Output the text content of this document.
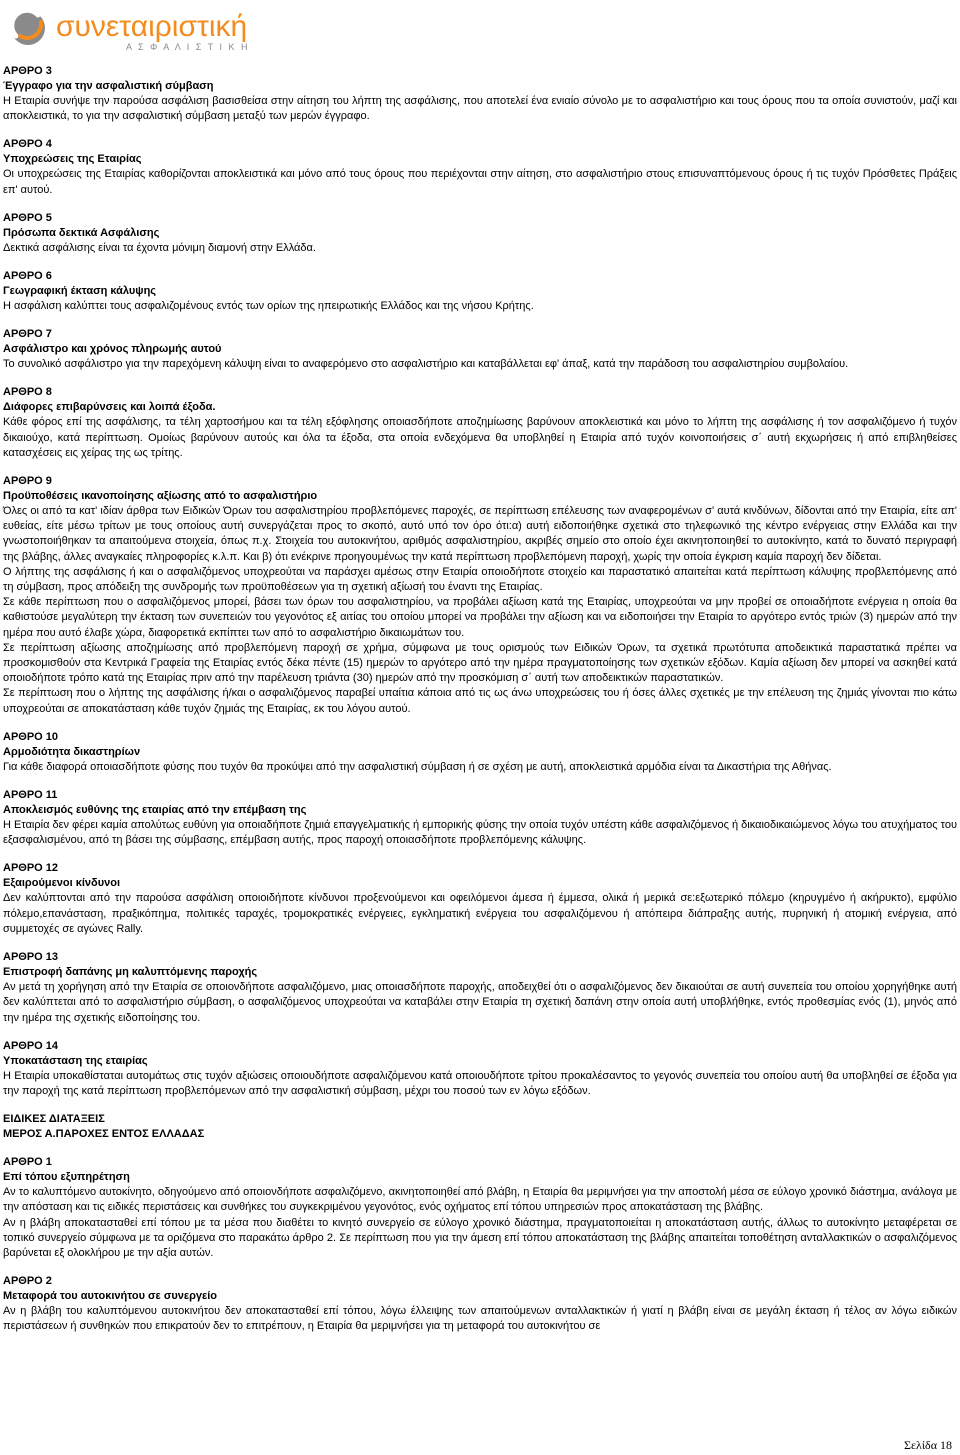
συνεταιριστική
Α Σ Φ Α Λ Ι Σ Τ Ι Κ Η
ΑΡΘΡΟ 3
Έγγραφο για την ασφαλιστική σύμβαση

Η Εταιρία συνήψε την παρούσα ασφάλιση βασισθείσα στην αίτηση του λήπτη της ασφάλισης, που αποτελεί ένα ενιαίο σύνολο με το ασφαλιστήριο και τους όρους που τα οποία συνιστούν, μαζί και αποκλειστικά, το για την ασφαλιστική σύμβαση μεταξύ των μερών έγγραφο.

ΑΡΘΡΟ 4
Υποχρεώσεις της Εταιρίας

Οι υποχρεώσεις της Εταιρίας καθορίζονται αποκλειστικά και μόνο από τους όρους που περιέχονται στην αίτηση, στο ασφαλιστήριο στους επισυναπτόμενους όρους ή τις τυχόν Πρόσθετες Πράξεις επ' αυτού.

ΑΡΘΡΟ 5
Πρόσωπα δεκτικά Ασφάλισης

Δεκτικά ασφάλισης είναι τα έχοντα μόνιμη διαμονή στην Ελλάδα.

ΑΡΘΡΟ 6
Γεωγραφική έκταση κάλυψης

Η ασφάλιση καλύπτει τους ασφαλιζομένους εντός των ορίων της ηπειρωτικής Ελλάδος και της νήσου Κρήτης.

ΑΡΘΡΟ 7
Ασφάλιστρο και χρόνος πληρωμής αυτού

Το συνολικό ασφάλιστρο για την παρεχόμενη κάλυψη είναι το αναφερόμενο στο ασφαλιστήριο και καταβάλλεται εφ' άπαξ, κατά την παράδοση του ασφαλιστηρίου συμβολαίου.

ΑΡΘΡΟ 8
Διάφορες επιβαρύνσεις και λοιπά έξοδα.

Κάθε φόρος επί της ασφάλισης, τα τέλη χαρτοσήμου και τα τέλη εξόφλησης οποιασδήποτε αποζημίωσης βαρύνουν αποκλειστικά και μόνο το λήπτη της ασφάλισης ή τον ασφαλιζόμενο ή τυχόν δικαιούχο, κατά περίπτωση. Ομοίως βαρύνουν αυτούς και όλα τα έξοδα, στα οποία ενδεχόμενα θα υποβληθεί η Εταιρία από τυχόν κοινοποιήσεις σ΄ αυτή εκχωρήσεις ή από επιβληθείσες κατασχέσεις εις χείρας της ως τρίτης.

ΑΡΘΡΟ 9
Προϋποθέσεις ικανοποίησης αξίωσης από το ασφαλιστήριο

Όλες οι από τα κατ' ιδίαν άρθρα των Ειδικών Όρων του ασφαλιστηρίου προβλεπόμενες παροχές, σε περίπτωση επέλευσης των αναφερομένων σ' αυτά κινδύνων, δίδονται από την Εταιρία, είτε απ' ευθείας, είτε μέσω τρίτων με τους οποίους αυτή συνεργάζεται προς το σκοπό, αυτό υπό τον όρο ότι:α) αυτή ειδοποιήθηκε σχετικά στο τηλεφωνικό της κέντρο ενέργειας στην Ελλάδα και την γνωστοποιήθηκαν τα απαιτούμενα στοιχεία, όπως π.χ. Στοιχεία του αυτοκινήτου, αριθμός ασφαλιστηρίου, ακριβές σημείο στο οποίο έχει ακινητοποιηθεί το αυτοκίνητο, κατά το δυνατό περιγραφή της βλάβης, άλλες αναγκαίες πληροφορίες κ.λ.π. Και β) ότι ενέκρινε προηγουμένως την κατά περίπτωση προβλεπόμενη παροχή, χωρίς την οποία έγκριση καμία παροχή δεν δίδεται.

Ο λήπτης της ασφάλισης ή και ο ασφαλιζόμενος υποχρεούται να παράσχει αμέσως στην Εταιρία οποιοδήποτε στοιχείο και παραστατικό απαιτείται κατά περίπτωση κάλυψης προβλεπόμενης από τη σύμβαση, προς απόδειξη της συνδρομής των προϋποθέσεων για τη σχετική αξίωσή του έναντι της Εταιρίας.

Σε κάθε περίπτωση που ο ασφαλιζόμενος μπορεί, βάσει των όρων του ασφαλιστηρίου, να προβάλει αξίωση κατά της Εταιρίας, υποχρεούται να μην προβεί σε οποιαδήποτε ενέργεια η οποία θα καθιστούσε μεγαλύτερη την έκταση των συνεπειών του γεγονότος εξ αιτίας του οποίου μπορεί να προβάλει την αξίωση και να ειδοποιήσει την Εταιρία το αργότερο εντός τριών (3) ημερών από την ημέρα που αυτό έλαβε χώρα, διαφορετικά εκπίπτει των από το ασφαλιστήριο δικαιωμάτων του.

Σε περίπτωση αξίωσης αποζημίωσης από προβλεπόμενη παροχή σε χρήμα, σύμφωνα με τους ορισμούς των Ειδικών Όρων, τα σχετικά πρωτότυπα αποδεικτικά παραστατικά πρέπει να προσκομισθούν στα Κεντρικά Γραφεία της Εταιρίας εντός δέκα πέντε (15) ημερών το αργότερο από την ημέρα πραγματοποίησης των σχετικών εξόδων. Καμία αξίωση δεν μπορεί να ασκηθεί κατά οποιοδήποτε τρόπο κατά της Εταιρίας πριν από την παρέλευση τριάντα (30) ημερών από την προσκόμιση σ΄ αυτή των αποδεικτικών παραστατικών.

Σε περίπτωση που ο λήπτης της ασφάλισης ή/και ο ασφαλιζόμενος παραβεί υπαίτια κάποια από τις ως άνω υποχρεώσεις του ή όσες άλλες σχετικές με την επέλευση της ζημιάς γίνονται πιο κάτω υποχρεούται σε αποκατάσταση κάθε τυχόν ζημιάς της Εταιρίας, εκ του λόγου αυτού.

ΑΡΘΡΟ 10
Αρμοδιότητα δικαστηρίων

Για κάθε διαφορά οποιασδήποτε φύσης που τυχόν θα προκύψει από την ασφαλιστική σύμβαση ή σε σχέση με αυτή, αποκλειστικά αρμόδια είναι τα Δικαστήρια της Αθήνας.

ΑΡΘΡΟ 11
Αποκλεισμός ευθύνης της εταιρίας από την επέμβαση της

Η Εταιρία δεν φέρει καμία απολύτως ευθύνη για οποιαδήποτε ζημιά επαγγελματικής ή εμπορικής φύσης την οποία τυχόν υπέστη κάθε ασφαλιζόμενος ή δικαιοδικαιώμενος λόγω του ατυχήματος του εξασφαλισμένου, από τη βάσει της σύμβασης, επέμβαση αυτής, προς παροχή οποιασδήποτε προβλεπόμενης κάλυψης.

ΑΡΘΡΟ 12
Εξαιρούμενοι κίνδυνοι

Δεν καλύπτονται από την παρούσα ασφάλιση οποιοιδήποτε κίνδυνοι προξενούμενοι και οφειλόμενοι άμεσα ή έμμεσα, ολικά ή μερικά σε:εξωτερικό πόλεμο (κηρυγμένο ή ακήρυκτο), εμφύλιο πόλεμο,επανάσταση, πραξικόπημα, πολιτικές ταραχές, τρομοκρατικές ενέργειες, εγκληματική ενέργεια του ασφαλιζόμενου ή απόπειρα διάπραξης αυτής, πυρηνική ή ατομική ενέργεια, από συμμετοχές σε αγώνες Rally.

ΑΡΘΡΟ 13
Επιστροφή δαπάνης μη καλυπτόμενης παροχής

Αν μετά τη χορήγηση από την Εταιρία σε οποιονδήποτε ασφαλιζόμενο, μιας οποιασδήποτε παροχής, αποδειχθεί ότι ο ασφαλιζόμενος δεν δικαιούται σε αυτή συνεπεία του οποίου χορηγήθηκε αυτή δεν καλύπτεται από το ασφαλιστήριο σύμβαση, ο ασφαλιζόμενος υποχρεούται να καταβάλει στην Εταιρία τη σχετική δαπάνη στην οποία αυτή υποβλήθηκε, εντός προθεσμίας ενός (1), μηνός από την ημέρα της σχετικής ειδοποίησης του.

ΑΡΘΡΟ 14
Υποκατάσταση της εταιρίας

Η Εταιρία υποκαθίσταται αυτομάτως στις τυχόν αξιώσεις οποιουδήποτε ασφαλιζόμενου κατά οποιουδήποτε τρίτου προκαλέσαντος το γεγονός συνεπεία του οποίου αυτή θα υποβληθεί σε έξοδα για την παροχή της κατά περίπτωση προβλεπόμενων από την ασφαλιστική σύμβαση, μέχρι του ποσού των εν λόγω εξόδων.

ΕΙΔΙΚΕΣ ΔΙΑΤΑΞΕΙΣ
ΜΕΡΟΣ Α.ΠΑΡΟΧΕΣ ΕΝΤΟΣ ΕΛΛΑΔΑΣ
ΑΡΘΡΟ 1
Επί τόπου εξυπηρέτηση

Αν το καλυπτόμενο αυτοκίνητο, οδηγούμενο από οποιονδήποτε ασφαλιζόμενο, ακινητοποιηθεί από βλάβη, η Εταιρία θα μεριμνήσει για την αποστολή μέσα σε εύλογο χρονικό διάστημα, ανάλογα με την απόσταση και τις ειδικές περιστάσεις και συνθήκες του συγκεκριμένου γεγονότος, ενός οχήματος επί τόπου υπηρεσιών προς αποκατάσταση της βλάβης.

Αν η βλάβη αποκατασταθεί επί τόπου με τα μέσα που διαθέτει το κινητό συνεργείο σε εύλογο χρονικό διάστημα, πραγματοποιείται η αποκατάσταση αυτής, άλλως το αυτοκίνητο μεταφέρεται σε τοπικό συνεργείο σύμφωνα με τα οριζόμενα στο παρακάτω άρθρο 2. Σε περίπτωση που για την άμεση επί τόπου αποκατάσταση της βλάβης απαιτείται τοποθέτηση ανταλλακτικών ο ασφαλιζόμενος βαρύνεται εξ ολοκλήρου με την αξία αυτών.

ΑΡΘΡΟ 2
Μεταφορά του αυτοκινήτου σε συνεργείο

Αν η βλάβη του καλυπτόμενου αυτοκινήτου δεν αποκατασταθεί επί τόπου, λόγω έλλειψης των απαιτούμενων ανταλλακτικών ή γιατί η βλάβη είναι σε μεγάλη έκταση ή τέλος αν λόγω ειδικών περιστάσεων ή συνθηκών που επικρατούν δεν το επιτρέπουν, η Εταιρία θα μεριμνήσει για τη μεταφορά του αυτοκινήτου σε

Σελίδα 18
